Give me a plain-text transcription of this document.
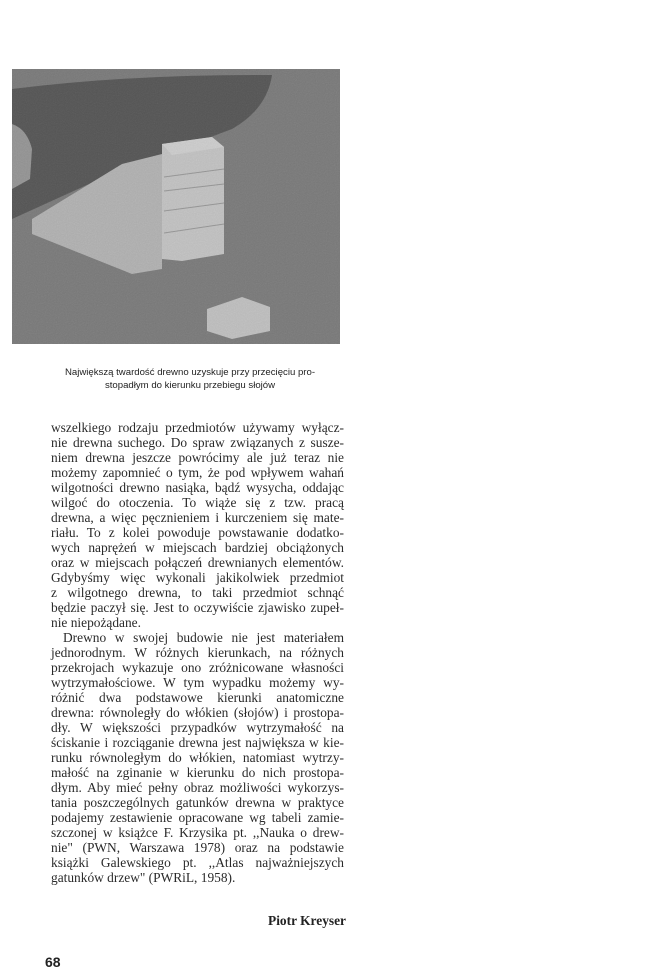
Największą twardość drewno uzyskuje przy przecięciu pro-
stopadłym do kierunku przebiegu słojów
wszelkiego rodzaju przedmiotów używamy wyłącz-
nie drewna suchego. Do spraw związanych z susze-
niem drewna jeszcze powrócimy ale już teraz nie
możemy zapomnieć o tym, że pod wpływem wahań
wilgotności drewno nasiąka, bądź wysycha, oddając
wilgoć do otoczenia. To wiąże się z tzw. pracą
drewna, a więc pęcznieniem i kurczeniem się mate-
riału. To z kolei powoduje powstawanie dodatko-
wych naprężeń w miejscach bardziej obciążonych
oraz w miejscach połączeń drewnianych elementów.
Gdybyśmy więc wykonali jakikolwiek przedmiot
z wilgotnego drewna, to taki przedmiot schnąć
będzie paczył się. Jest to oczywiście zjawisko zupeł-
nie niepożądane.
Drewno w swojej budowie nie jest materiałem
jednorodnym. W różnych kierunkach, na różnych
przekrojach wykazuje ono zróżnicowane własności
wytrzymałościowe. W tym wypadku możemy wy-
różnić dwa podstawowe kierunki anatomiczne
drewna: równoległy do włókien (słojów) i prostopa-
dły. W większości przypadków wytrzymałość na
ściskanie i rozciąganie drewna jest największa w kie-
runku równoległym do włókien, natomiast wytrzy-
małość na zginanie w kierunku do nich prostopa-
dłym. Aby mieć pełny obraz możliwości wykorzys-
tania poszczególnych gatunków drewna w praktyce
podajemy zestawienie opracowane wg tabeli zamie-
szczonej w książce F. Krzysika pt. ,,Nauka o drew-
nie" (PWN, Warszawa 1978) oraz na podstawie
książki Galewskiego pt. ,,Atlas najważniejszych
gatunków drzew" (PWRiL, 1958).
Piotr Kreyser
68
